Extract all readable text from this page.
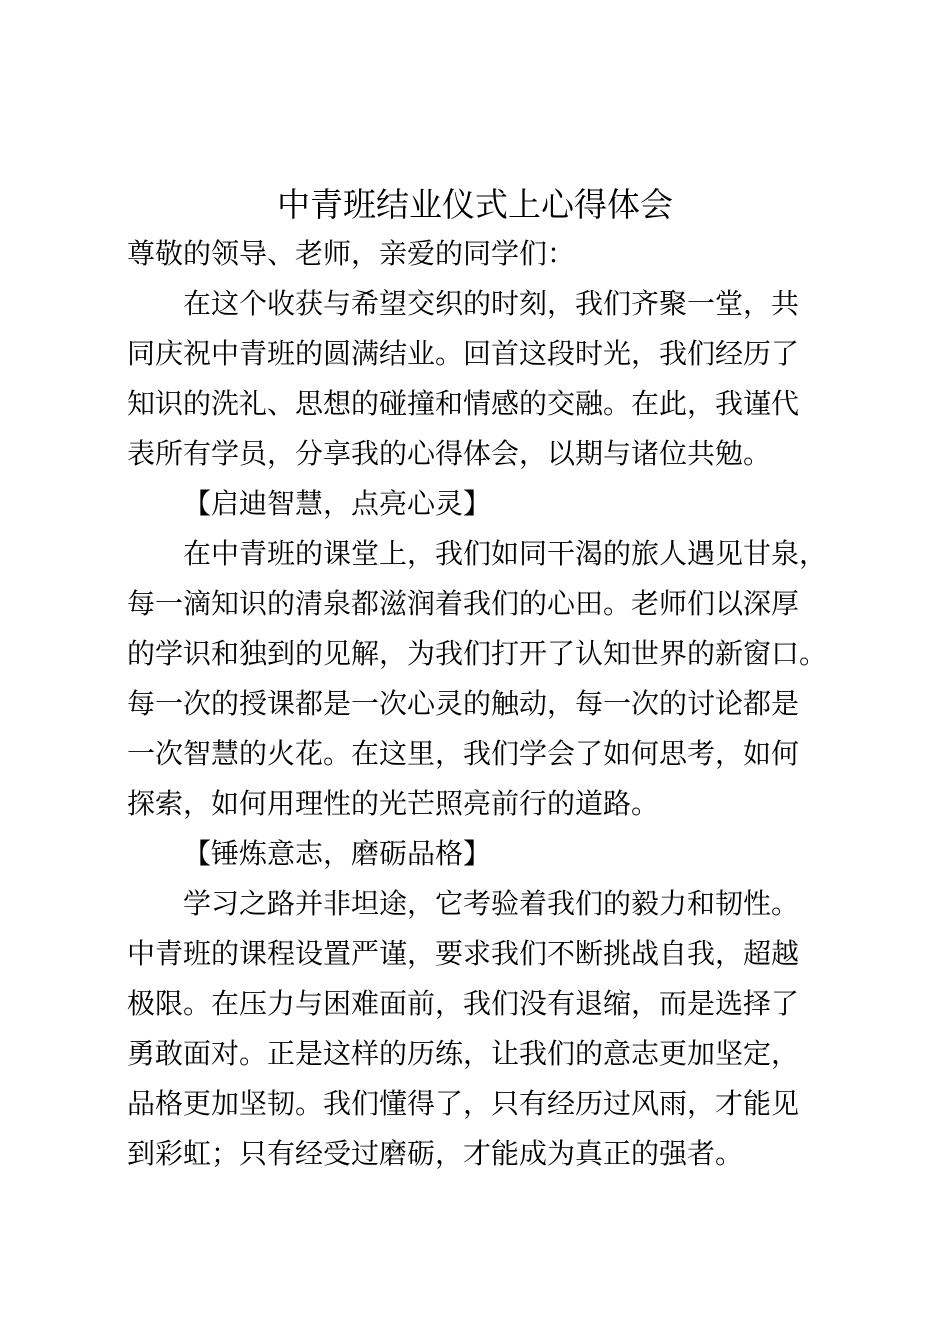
中青班结业仪式上心得体会
尊敬的领导、老师，亲爱的同学们：
在这个收获与希望交织的时刻，我们齐聚一堂，共
同庆祝中青班的圆满结业。回首这段时光，我们经历了
知识的洗礼、思想的碰撞和情感的交融。在此，我谨代
表所有学员，分享我的心得体会，以期与诸位共勉。
【启迪智慧，点亮心灵】
在中青班的课堂上，我们如同干渴的旅人遇见甘泉，
每一滴知识的清泉都滋润着我们的心田。老师们以深厚
的学识和独到的见解，为我们打开了认知世界的新窗口。
每一次的授课都是一次心灵的触动，每一次的讨论都是
一次智慧的火花。在这里，我们学会了如何思考，如何
探索，如何用理性的光芒照亮前行的道路。
【锤炼意志，磨砺品格】
学习之路并非坦途，它考验着我们的毅力和韧性。
中青班的课程设置严谨，要求我们不断挑战自我，超越
极限。在压力与困难面前，我们没有退缩，而是选择了
勇敢面对。正是这样的历练，让我们的意志更加坚定，
品格更加坚韧。我们懂得了，只有经历过风雨，才能见
到彩虹；只有经受过磨砺，才能成为真正的强者。
